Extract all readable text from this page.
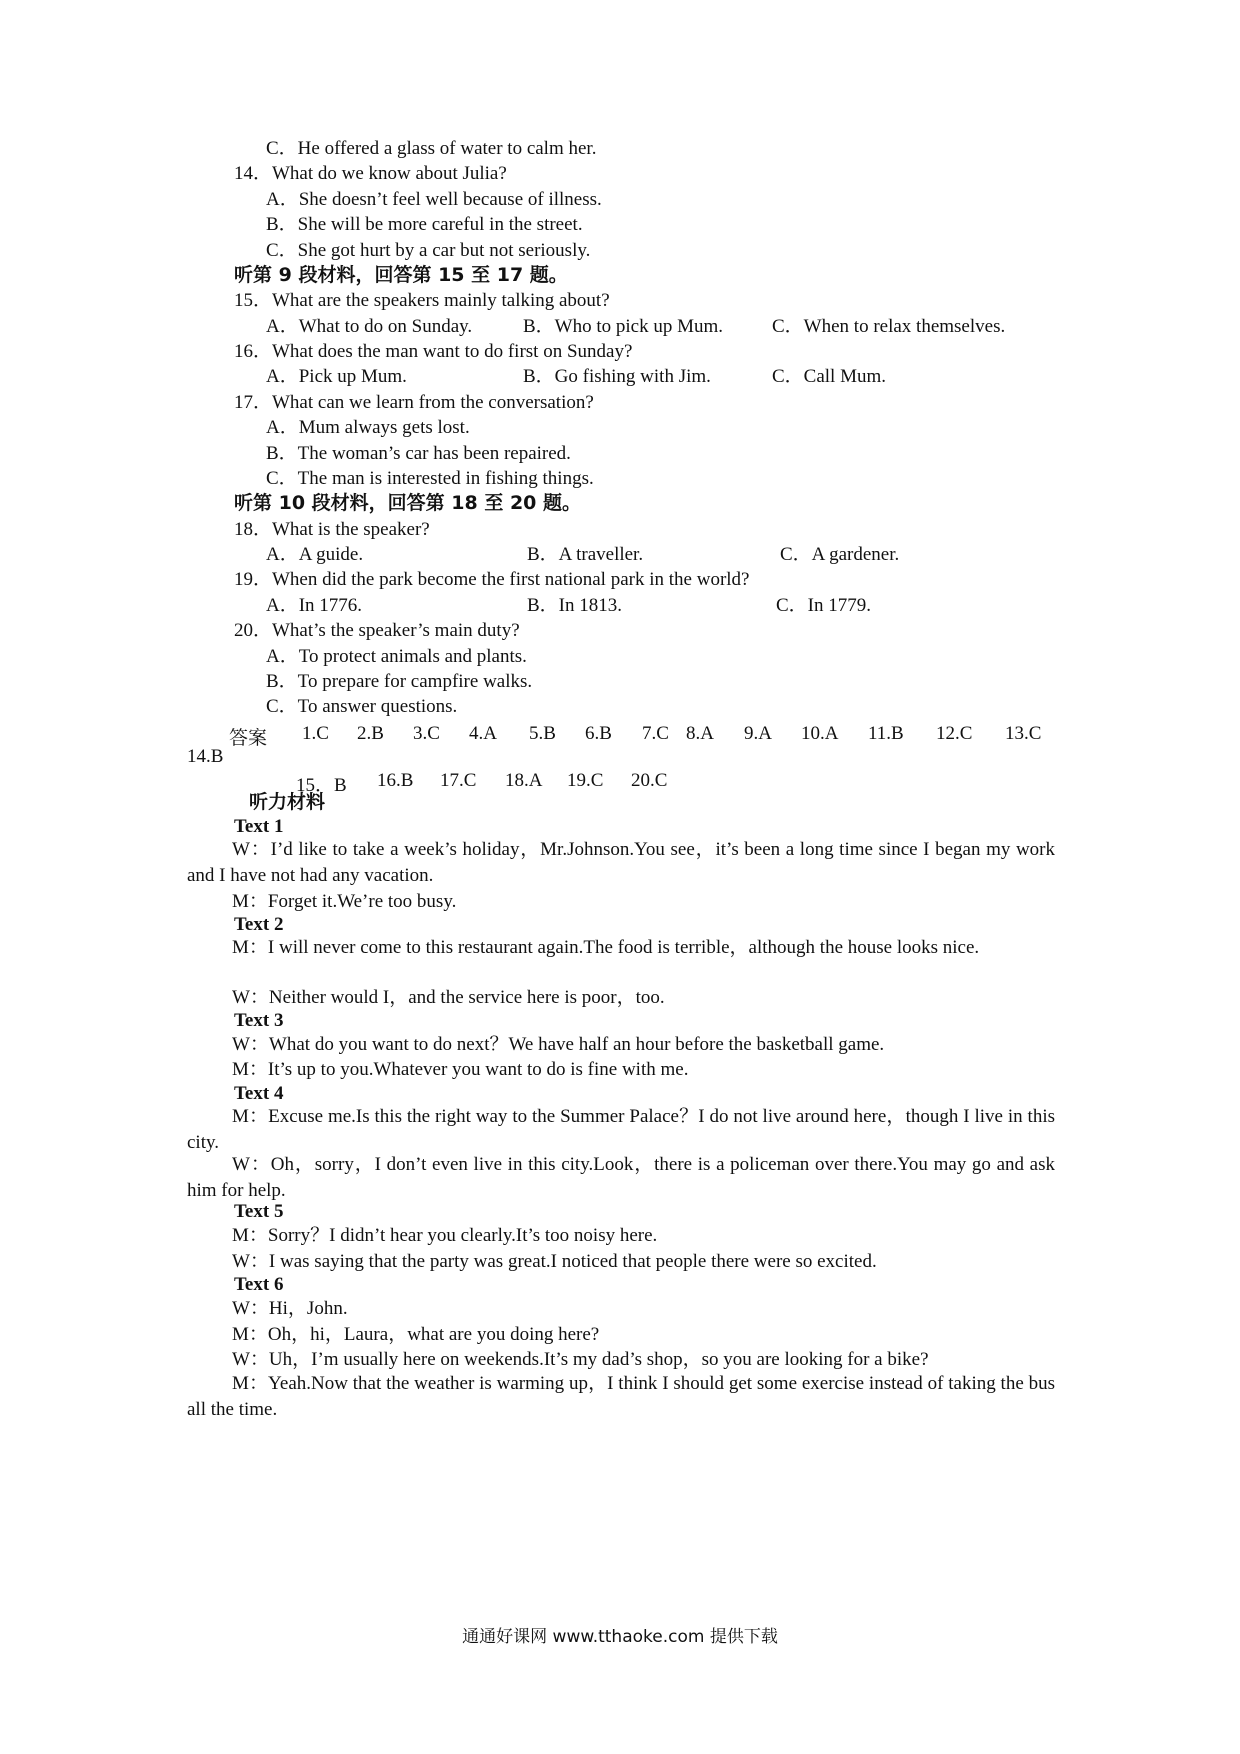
C．He offered a glass of water to calm her.
14．What do we know about Julia?
A．She doesn’t feel well because of illness.
B．She will be more careful in the street.
C．She got hurt by a car but not seriously.
听第 9 段材料，回答第 15 至 17 题。
15．What are the speakers mainly talking about?
A．What to do on Sunday.	B．Who to pick up Mum.	C．When to relax themselves.
16．What does the man want to do first on Sunday?
A．Pick up Mum.	B．Go fishing with Jim.	C．Call Mum.
17．What can we learn from the conversation?
A．Mum always gets lost.
B．The woman’s car has been repaired.
C．The man is interested in fishing things.
听第 10 段材料，回答第 18 至 20 题。
18．What is the speaker?
A．A guide.	B．A traveller.	C．A gardener.
19．When did the park become the first national park in the world?
A．In 1776.	B．In 1813.	C．In 1779.
20．What’s the speaker’s main duty?
A．To protect animals and plants.
B．To prepare for campfire walks.
C．To answer questions.
答案 1.C 2.B 3.C 4.A 5.B 6.B 7.C 8.A 9.A 10.A 11.B 12.C 13.C
14.B
15．B 16.B 17.C 18.A 19.C 20.C
听力材料
Text 1
W：I’d like to take a week’s holiday，Mr.Johnson.You see，it’s been a long time since I began my work and I have not had any vacation.
M：Forget it.We’re too busy.
Text 2
M：I will never come to this restaurant again.The food is terrible，although the house looks nice.
W：Neither would I，and the service here is poor，too.
Text 3
W：What do you want to do next？We have half an hour before the basketball game.
M：It’s up to you.Whatever you want to do is fine with me.
Text 4
M：Excuse me.Is this the right way to the Summer Palace？I do not live around here，though I live in this city.
W：Oh，sorry，I don’t even live in this city.Look，there is a policeman over there.You may go and ask him for help.
Text 5
M：Sorry？I didn’t hear you clearly.It’s too noisy here.
W：I was saying that the party was great.I noticed that people there were so excited.
Text 6
W：Hi，John.
M：Oh，hi，Laura，what are you doing here?
W：Uh，I’m usually here on weekends.It’s my dad’s shop，so you are looking for a bike?
M：Yeah.Now that the weather is warming up，I think I should get some exercise instead of taking the bus all the time.
通通好课网 www.tthaoke.com 提供下载
